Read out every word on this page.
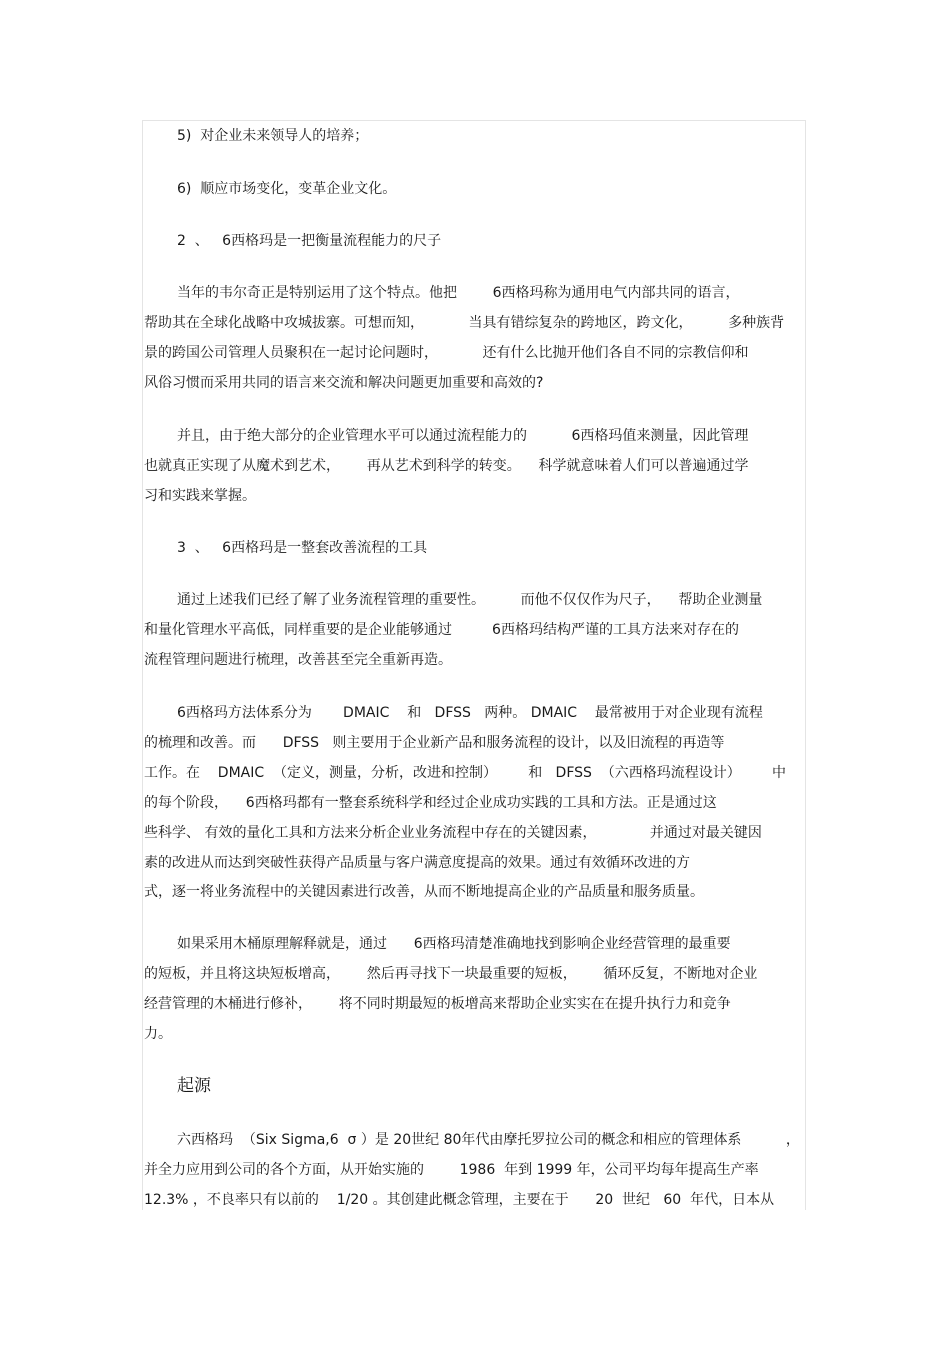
5)  对企业未来领导人的培养；
6)  顺应市场变化，变革企业文化。
2  、   6西格玛是一把衡量流程能力的尺子
当年的韦尔奇正是特别运用了这个特点。他把        6西格玛称为通用电气内部共同的语言，
帮助其在全球化战略中攻城拔寨。可想而知，          当具有错综复杂的跨地区，跨文化，        多种族背
景的跨国公司管理人员聚积在一起讨论问题时，          还有什么比抛开他们各自不同的宗教信仰和
风俗习惯而采用共同的语言来交流和解决问题更加重要和高效的?
并且，由于绝大部分的企业管理水平可以通过流程能力的          6西格玛值来测量，因此管理
也就真正实现了从魔术到艺术，      再从艺术到科学的转变。    科学就意味着人们可以普遍通过学
习和实践来掌握。
3  、   6西格玛是一整套改善流程的工具
通过上述我们已经了解了业务流程管理的重要性。        而他不仅仅作为尺子，    帮助企业测量
和量化管理水平高低，同样重要的是企业能够通过         6西格玛结构严谨的工具方法来对存在的
流程管理问题进行梳理，改善甚至完全重新再造。
6西格玛方法体系分为       DMAIC    和   DFSS   两种。 DMAIC    最常被用于对企业现有流程
的梳理和改善。而      DFSS   则主要用于企业新产品和服务流程的设计，以及旧流程的再造等
工作。在    DMAIC  （定义，测量，分析，改进和控制）       和   DFSS  （六西格玛流程设计）       中
的每个阶段，    6西格玛都有一整套系统科学和经过企业成功实践的工具和方法。正是通过这
些科学、 有效的量化工具和方法来分析企业业务流程中存在的关键因素，            并通过对最关键因
素的改进从而达到突破性获得产品质量与客户满意度提高的效果。通过有效循环改进的方
式，逐一将业务流程中的关键因素进行改善，从而不断地提高企业的产品质量和服务质量。
如果采用木桶原理解释就是，通过      6西格玛清楚准确地找到影响企业经营管理的最重要
的短板，并且将这块短板增高，      然后再寻找下一块最重要的短板，      循环反复，不断地对企业
经营管理的木桶进行修补，      将不同时期最短的板增高来帮助企业实实在在提升执行力和竞争
力。
起源
六西格玛  （Six Sigma,6  σ ）是 20世纪 80年代由摩托罗拉公司的概念和相应的管理体系          ，
并全力应用到公司的各个方面，从开始实施的        1986  年到 1999 年，公司平均每年提高生产率
12.3% ，不良率只有以前的    1/20 。其创建此概念管理，主要在于      20  世纪   60  年代，日本从
